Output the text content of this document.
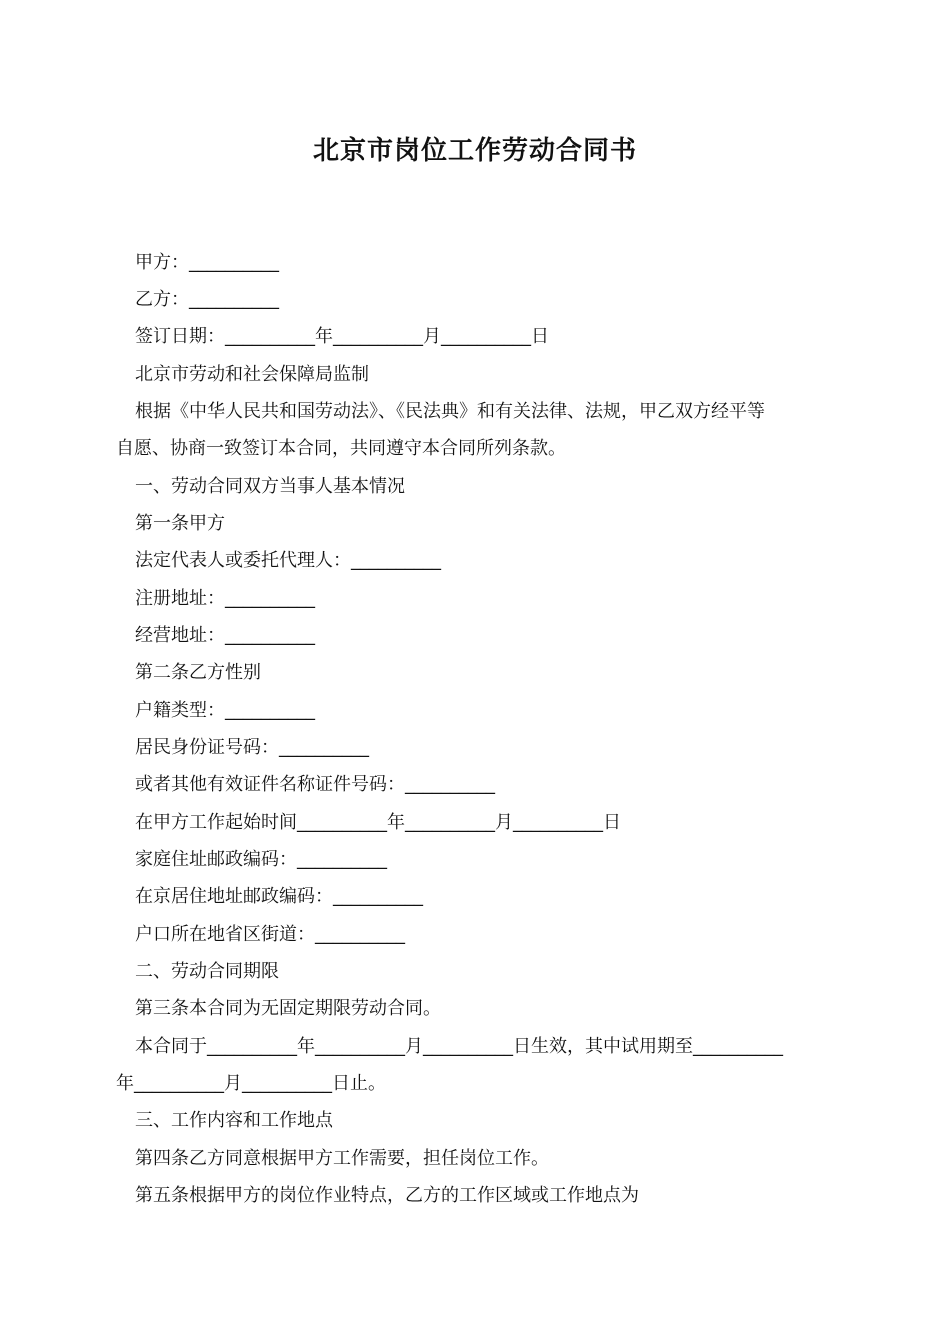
北京市岗位工作劳动合同书
甲方：__________
乙方：__________
签订日期：__________年__________月__________日
北京市劳动和社会保障局监制
根据《中华人民共和国劳动法》、《民法典》和有关法律、法规，甲乙双方经平等
自愿、协商一致签订本合同，共同遵守本合同所列条款。
一、劳动合同双方当事人基本情况
第一条甲方
法定代表人或委托代理人：__________
注册地址：__________
经营地址：__________
第二条乙方性别
户籍类型：__________
居民身份证号码：__________
或者其他有效证件名称证件号码：__________
在甲方工作起始时间__________年__________月__________日
家庭住址邮政编码：__________
在京居住地址邮政编码：__________
户口所在地省区街道：__________
二、劳动合同期限
第三条本合同为无固定期限劳动合同。
本合同于__________年__________月__________日生效，其中试用期至__________
年__________月__________日止。
三、工作内容和工作地点
第四条乙方同意根据甲方工作需要，担任岗位工作。
第五条根据甲方的岗位作业特点，乙方的工作区域或工作地点为
